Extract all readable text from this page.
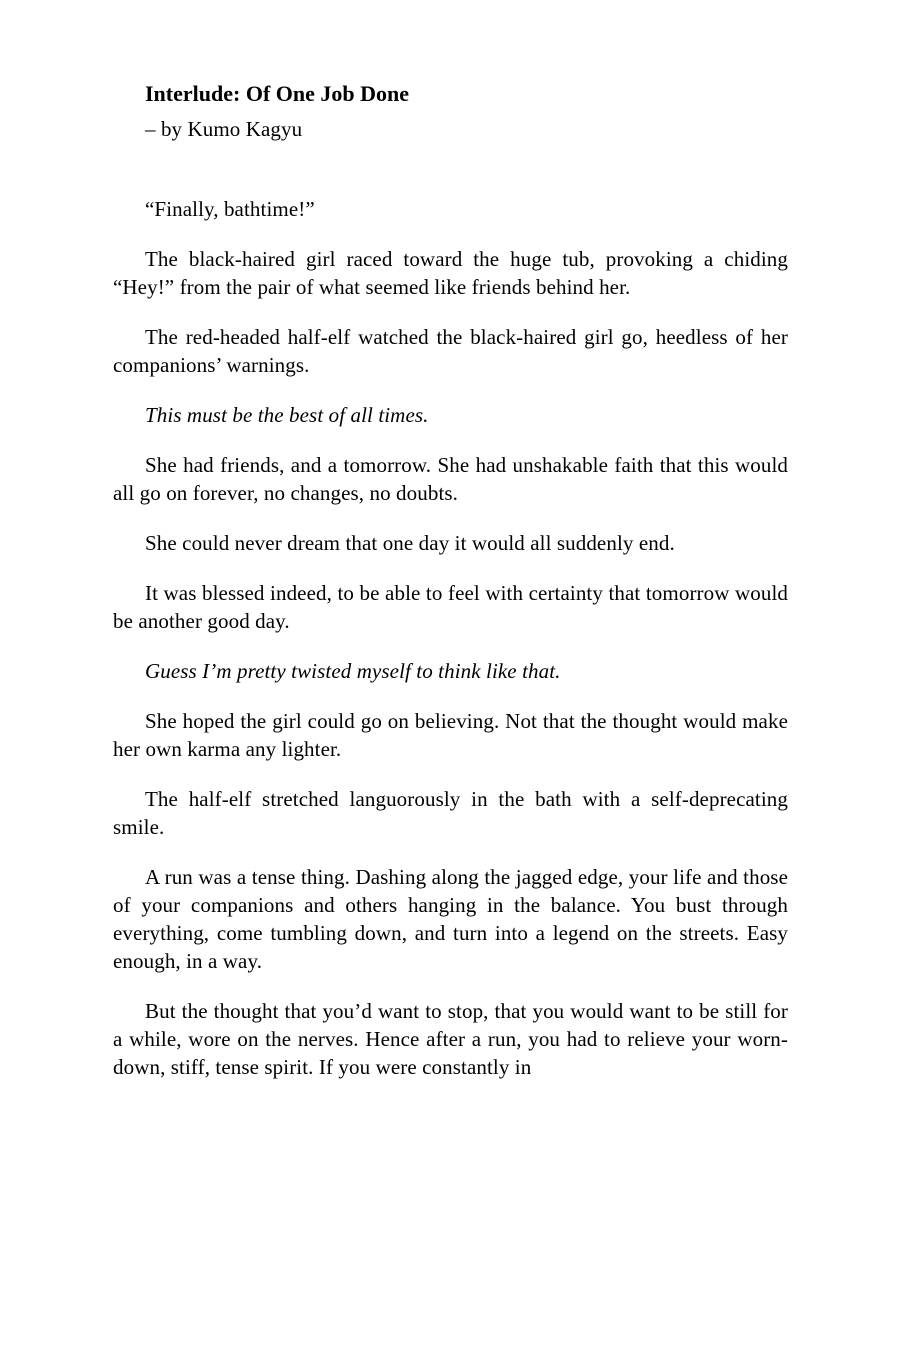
Interlude: Of One Job Done

– by Kumo Kagyu

“Finally, bathtime!”

The black-haired girl raced toward the huge tub, provoking a chiding “Hey!” from the pair of what seemed like friends behind her.

The red-headed half-elf watched the black-haired girl go, heedless of her companions’ warnings.

This must be the best of all times.

She had friends, and a tomorrow. She had unshakable faith that this would all go on forever, no changes, no doubts.

She could never dream that one day it would all suddenly end.

It was blessed indeed, to be able to feel with certainty that tomorrow would be another good day.

Guess I’m pretty twisted myself to think like that.

She hoped the girl could go on believing. Not that the thought would make her own karma any lighter.

The half-elf stretched languorously in the bath with a self-deprecating smile.

A run was a tense thing. Dashing along the jagged edge, your life and those of your companions and others hanging in the balance. You bust through everything, come tumbling down, and turn into a legend on the streets. Easy enough, in a way.

But the thought that you’d want to stop, that you would want to be still for a while, wore on the nerves. Hence after a run, you had to relieve your worn-down, stiff, tense spirit. If you were constantly in
